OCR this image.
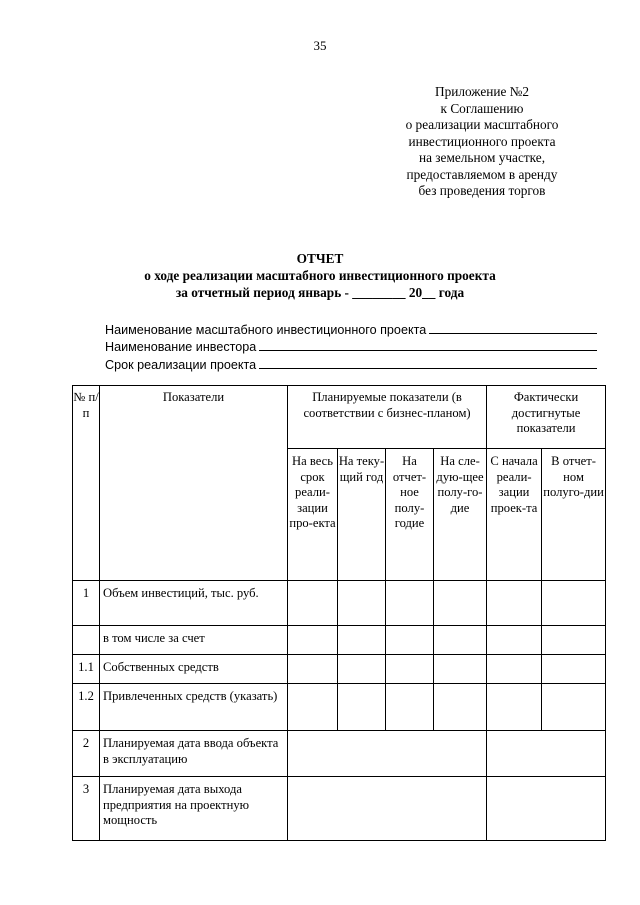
35
Приложение №2
к Соглашению
о реализации масштабного
инвестиционного проекта
на земельном участке,
предоставляемом в аренду
без проведения торгов
ОТЧЕТ
о ходе реализации масштабного инвестиционного проекта
за отчетный период январь - ________ 20__ года
Наименование масштабного инвестиционного проекта
Наименование инвестора
Срок реализации проекта
№ п/п	Показатели	Планируемые показатели (в соответствии с бизнес-планом)				Фактически достигнутые показатели	
		На весь срок реали-зации про-екта	На теку-щий год	На отчет-ное полу-годие	На сле-дую-щее полу-го-дие	С начала реали-зации проек-та	В отчет-ном полуго-дии
1	Объем инвестиций, тыс. руб.						
	в том числе за счет						
1.1	Собственных средств						
1.2	Привлеченных средств (указать)						
2	Планируемая дата ввода объекта в эксплуатацию						
3	Планируемая дата выхода предприятия на проектную мощность						
